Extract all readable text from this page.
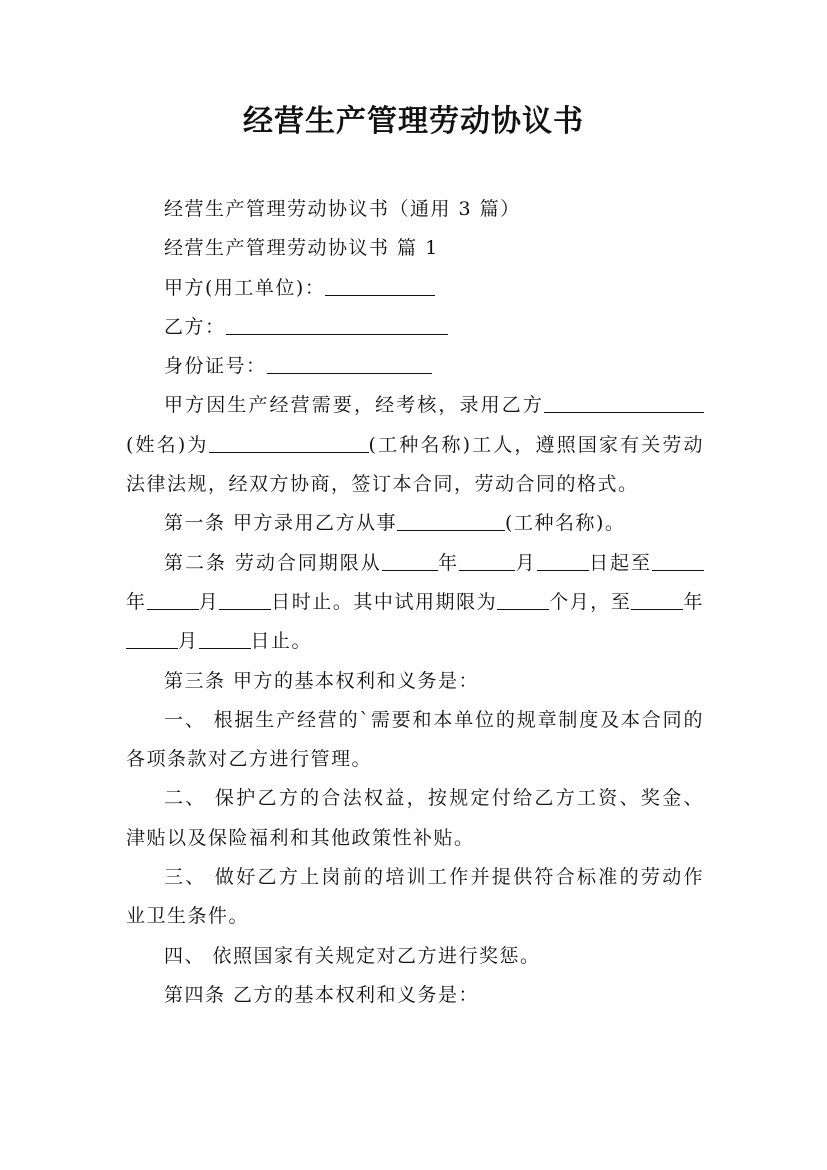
经营生产管理劳动协议书

经营生产管理劳动协议书（通用 3 篇）

经营生产管理劳动协议书 篇 1

甲方(用工单位)：

乙方：

身份证号：

甲方因生产经营需要，经考核，录用乙方(姓名)为	(工种名称)工人，遵照国家有关劳动法律法规，经双方协商，签订本合同，劳动合同的格式。

第一条 甲方录用乙方从事	(工种名称)。

第二条 劳动合同期限从	年	月	日起至年	月	日时止。其中试用期限为	个月，至	年月	日止。

第三条 甲方的基本权利和义务是：

一、 根据生产经营的`需要和本单位的规章制度及本合同的各项条款对乙方进行管理。

二、 保护乙方的合法权益，按规定付给乙方工资、奖金、津贴以及保险福利和其他政策性补贴。

三、 做好乙方上岗前的培训工作并提供符合标准的劳动作业卫生条件。

四、 依照国家有关规定对乙方进行奖惩。

第四条 乙方的基本权利和义务是：
